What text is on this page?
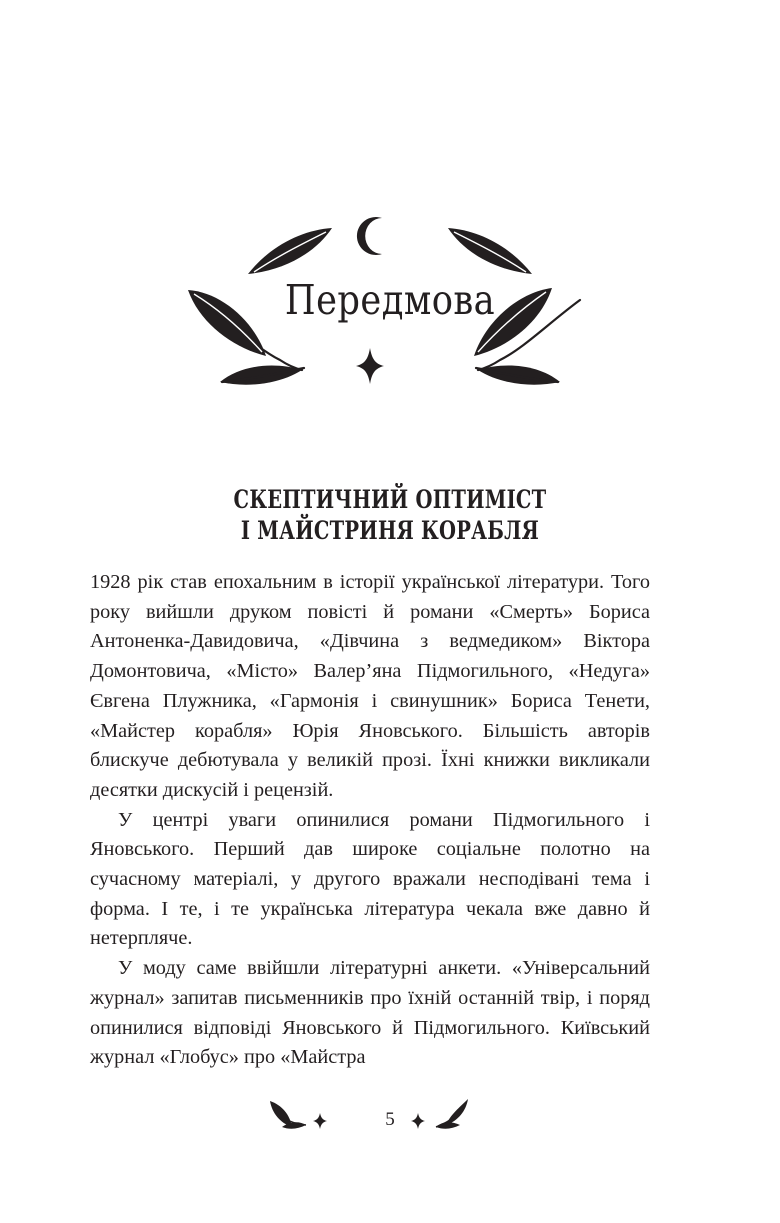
Передмова
СКЕПТИЧНИЙ ОПТИМІСТ
І МАЙСТРИНЯ КОРАБЛЯ

1928 рік став епохальним в історії української літератури. Того року вийшли друком повісті й романи «Смерть» Бориса Антоненка-Давидовича, «Дівчина з ведмедиком» Віктора Домонтовича, «Місто» Валер’яна Підмогильного, «Недуга» Євгена Плужника, «Гармонія і свинушник» Бориса Тенети, «Майстер корабля» Юрія Яновського. Більшість авторів блискуче дебютувала у великій прозі. Їхні книжки викликали десятки дискусій і рецензій.

У центрі уваги опинилися романи Підмогильного і Яновського. Перший дав широке соціальне полотно на сучасному матеріалі, у другого вражали несподівані тема і форма. І те, і те українська література чекала вже давно й нетерпляче.

У моду саме ввійшли літературні анкети. «Універсальний журнал» запитав письменників про їхній останній твір, і поряд опинилися відповіді Яновського й Підмогильного. Київський журнал «Глобус» про «Майстра

5
